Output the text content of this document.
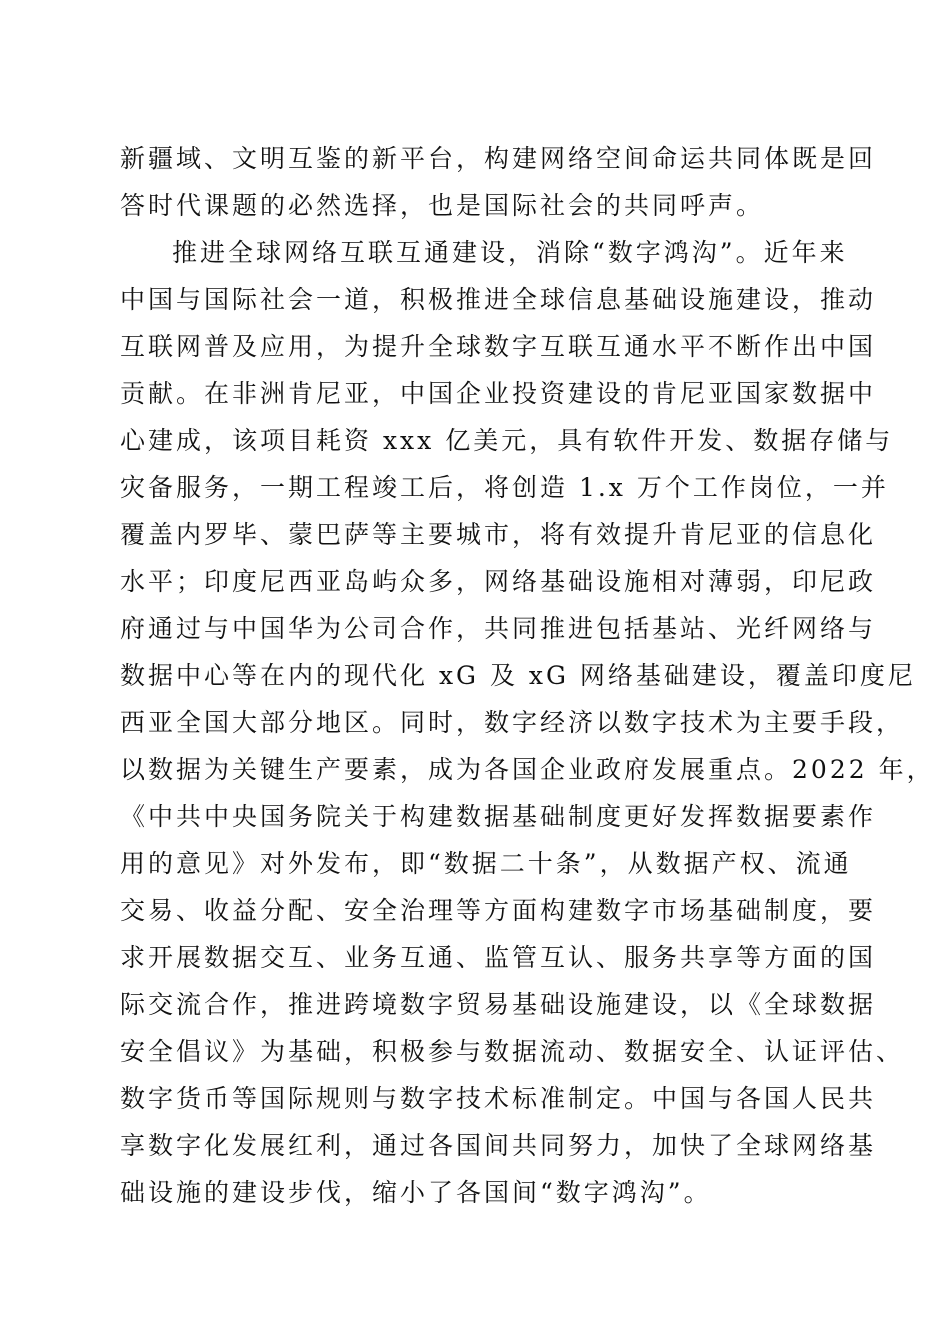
新疆域、文明互鉴的新平台，构建网络空间命运共同体既是回
答时代课题的必然选择，也是国际社会的共同呼声。
推进全球网络互联互通建设，消除“数字鸿沟”。近年来
中国与国际社会一道，积极推进全球信息基础设施建设，推动
互联网普及应用，为提升全球数字互联互通水平不断作出中国
贡献。在非洲肯尼亚，中国企业投资建设的肯尼亚国家数据中
心建成，该项目耗资 xxx 亿美元，具有软件开发、数据存储与
灾备服务，一期工程竣工后，将创造 1.x 万个工作岗位，一并
覆盖内罗毕、蒙巴萨等主要城市，将有效提升肯尼亚的信息化
水平；印度尼西亚岛屿众多，网络基础设施相对薄弱，印尼政
府通过与中国华为公司合作，共同推进包括基站、光纤网络与
数据中心等在内的现代化 xG 及 xG 网络基础建设，覆盖印度尼
西亚全国大部分地区。同时，数字经济以数字技术为主要手段，
以数据为关键生产要素，成为各国企业政府发展重点。2022 年，
《中共中央国务院关于构建数据基础制度更好发挥数据要素作
用的意见》对外发布，即“数据二十条”，从数据产权、流通
交易、收益分配、安全治理等方面构建数字市场基础制度，要
求开展数据交互、业务互通、监管互认、服务共享等方面的国
际交流合作，推进跨境数字贸易基础设施建设，以《全球数据
安全倡议》为基础，积极参与数据流动、数据安全、认证评估、
数字货币等国际规则与数字技术标准制定。中国与各国人民共
享数字化发展红利，通过各国间共同努力，加快了全球网络基
础设施的建设步伐，缩小了各国间“数字鸿沟”。
